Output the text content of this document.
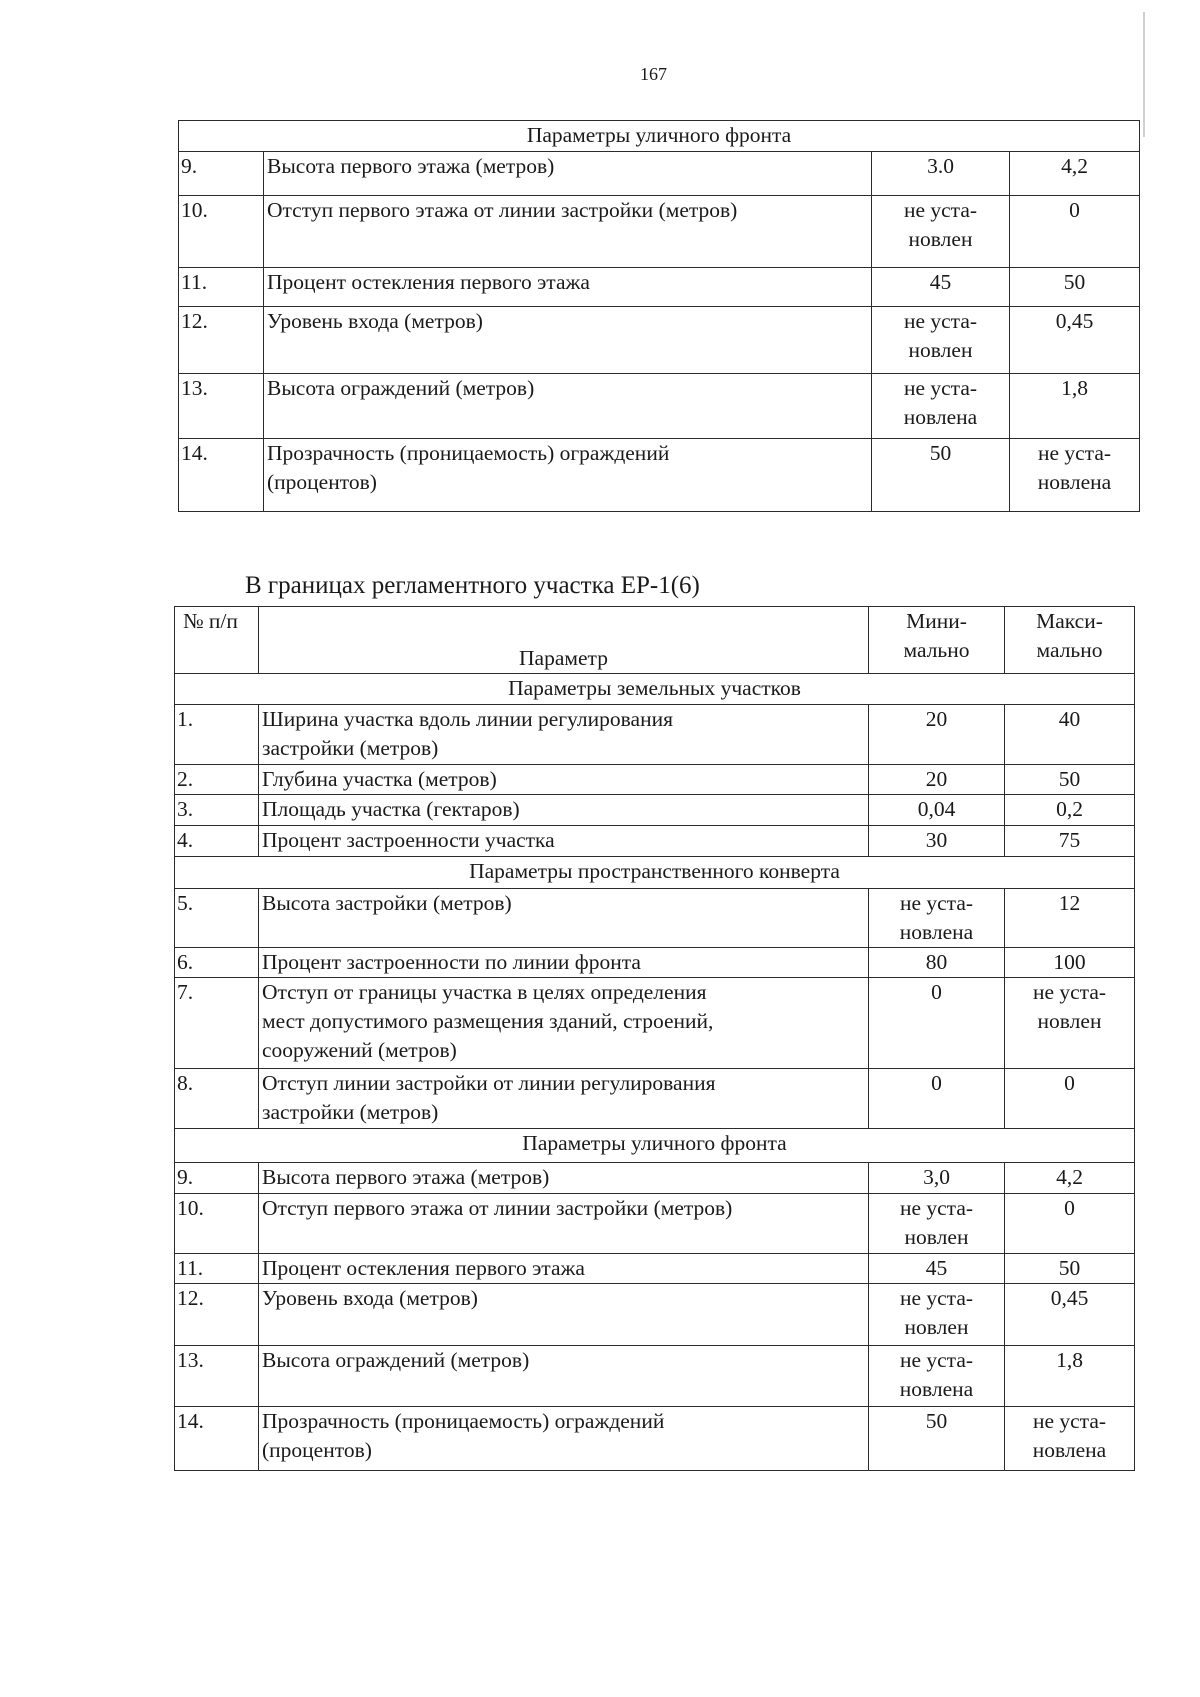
167
Параметры уличного фронта			
9.	Высота первого этажа (метров)	3.0	4,2

10.	Отступ первого этажа от линии застройки (метров)	не уста-
новлен	0

11.	Процент остекления первого этажа	45	50

12.	Уровень входа (метров)	не уста-
новлен	0,45

13.	Высота ограждений (метров)	не уста-
новлена	1,8

14.	Прозрачность (проницаемость) ограждений
(процентов)	50	не уста-
новлена
В границах регламентного участка ЕР-1(6)
№ п/п	Параметр	Мини-
мально	Макси-
мально

Параметры земельных участков			
1.	Ширина участка вдоль линии регулирования
застройки (метров)	20	40

2.	Глубина участка (метров)	20	50

3.	Площадь участка (гектаров)	0,04	0,2

4.	Процент застроенности участка	30	75

Параметры пространственного конверта			
5.	Высота застройки (метров)	не уста-
новлена	12

6.	Процент застроенности по линии фронта	80	100

7.	Отступ от границы участка в целях определения
мест допустимого размещения зданий, строений,
сооружений (метров)	0	не уста-
новлен

8.	Отступ линии застройки от линии регулирования
застройки (метров)	0	0

Параметры уличного фронта			
9.	Высота первого этажа (метров)	3,0	4,2

10.	Отступ первого этажа от линии застройки (метров)	не уста-
новлен	0

11.	Процент остекления первого этажа	45	50

12.	Уровень входа (метров)	не уста-
новлен	0,45

13.	Высота ограждений (метров)	не уста-
новлена	1,8

14.	Прозрачность (проницаемость) ограждений
(процентов)	50	не уста-
новлена
